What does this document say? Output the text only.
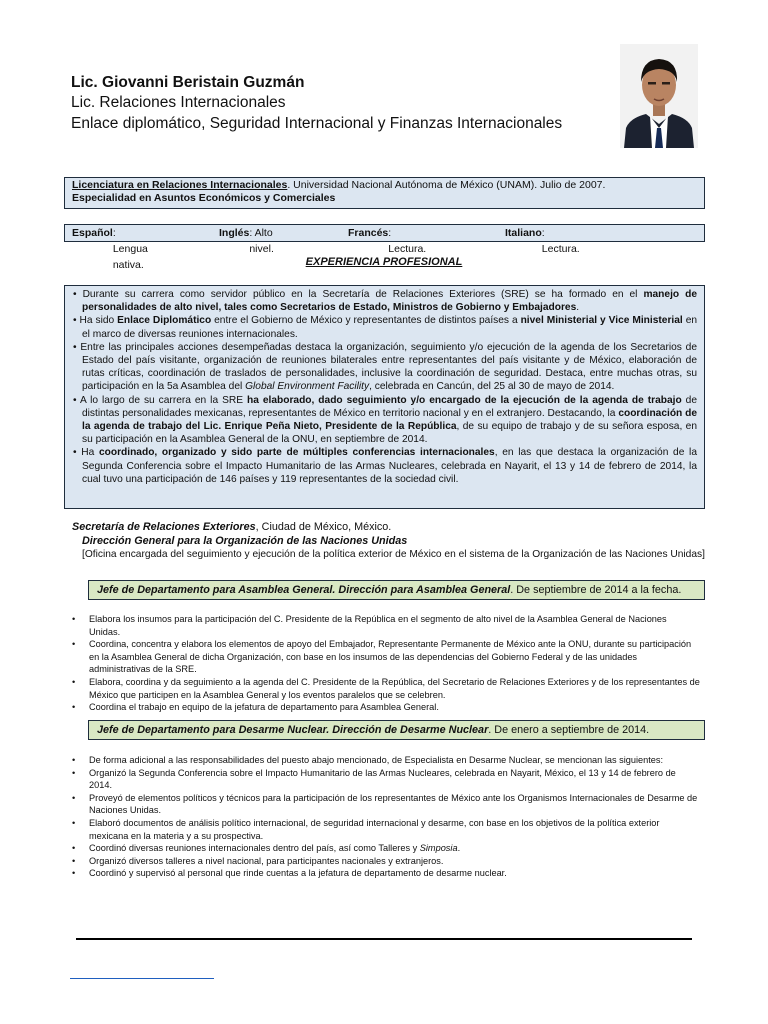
Lic. Giovanni Beristain Guzmán
Lic. Relaciones Internacionales
Enlace diplomático, Seguridad Internacional y Finanzas Internacionales
Licenciatura en Relaciones Internacionales. Universidad Nacional Autónoma de México (UNAM). Julio de 2007.
Especialidad en Asuntos Económicos y Comerciales
Español : Lengua nativa.
Inglés : Alto nivel.
Francés : Lectura.
Italiano : Lectura.
EXPERIENCIA PROFESIONAL

• Durante su carrera como servidor público en la Secretaría de Relaciones Exteriores (SRE) se ha formado en el manejo de personalidades de alto nivel, tales como Secretarios de Estado, Ministros de Gobierno y Embajadores.

• Ha sido Enlace Diplomático entre el Gobierno de México y representantes de distintos países a nivel Ministerial y Vice Ministerial en el marco de diversas reuniones internacionales.

• Entre las principales acciones desempeñadas destaca la organización, seguimiento y/o ejecución de la agenda de los Secretarios de Estado del país visitante, organización de reuniones bilaterales entre representantes del país visitante y de México, elaboración de rutas críticas, coordinación de traslados de personalidades, inclusive la coordinación de seguridad. Destaca, entre muchas otras, su participación en la 5a Asamblea del Global Environment Facility, celebrada en Cancún, del 25 al 30 de mayo de 2014.

• A lo largo de su carrera en la SRE ha elaborado, dado seguimiento y/o encargado de la ejecución de la agenda de trabajo de distintas personalidades mexicanas, representantes de México en territorio nacional y en el extranjero. Destacando, la coordinación de la agenda de trabajo del Lic. Enrique Peña Nieto, Presidente de la República, de su equipo de trabajo y de su señora esposa, en su participación en la Asamblea General de la ONU, en septiembre de 2014.

• Ha coordinado, organizado y sido parte de múltiples conferencias internacionales, en las que destaca la organización de la Segunda Conferencia sobre el Impacto Humanitario de las Armas Nucleares, celebrada en Nayarit, el 13 y 14 de febrero de 2014, la cual tuvo una participación de 146 países y 119 representantes de la sociedad civil.

Secretaría de Relaciones Exteriores, Ciudad de México, México.
Dirección General para la Organización de las Naciones Unidas
[Oficina encargada del seguimiento y ejecución de la política exterior de México en el sistema de la Organización de las Naciones Unidas]
Jefe de Departamento para Asamblea General. Dirección para Asamblea General. De septiembre de 2014 a la fecha.
• Elabora los insumos para la participación del C. Presidente de la República en el segmento de alto nivel de la Asamblea General de Naciones Unidas.
• Coordina, concentra y elabora los elementos de apoyo del Embajador, Representante Permanente de México ante la ONU, durante su participación en la Asamblea General de dicha Organización, con base en los insumos de las dependencias del Gobierno Federal y de las unidades administrativas de la SRE.
• Elabora, coordina y da seguimiento a la agenda del C. Presidente de la República, del Secretario de Relaciones Exteriores y de los representantes de México que participen en la Asamblea General y los eventos paralelos que se celebren.
• Coordina el trabajo en equipo de la jefatura de departamento para Asamblea General.
Jefe de Departamento para Desarme Nuclear. Dirección de Desarme Nuclear. De enero a septiembre de 2014.
• De forma adicional a las responsabilidades del puesto abajo mencionado, de Especialista en Desarme Nuclear, se mencionan las siguientes:
• Organizó la Segunda Conferencia sobre el Impacto Humanitario de las Armas Nucleares, celebrada en Nayarit, México, el 13 y 14 de febrero de 2014.
• Proveyó de elementos políticos y técnicos para la participación de los representantes de México ante los Organismos Internacionales de Desarme de Naciones Unidas.
• Elaboró documentos de análisis político internacional, de seguridad internacional y desarme, con base en los objetivos de la política exterior mexicana en la materia y a su prospectiva.
• Coordinó diversas reuniones internacionales dentro del país, así como Talleres y Simposia.
• Organizó diversos talleres a nivel nacional, para participantes nacionales y extranjeros.
• Coordinó y supervisó al personal que rinde cuentas a la jefatura de departamento de desarme nuclear.
